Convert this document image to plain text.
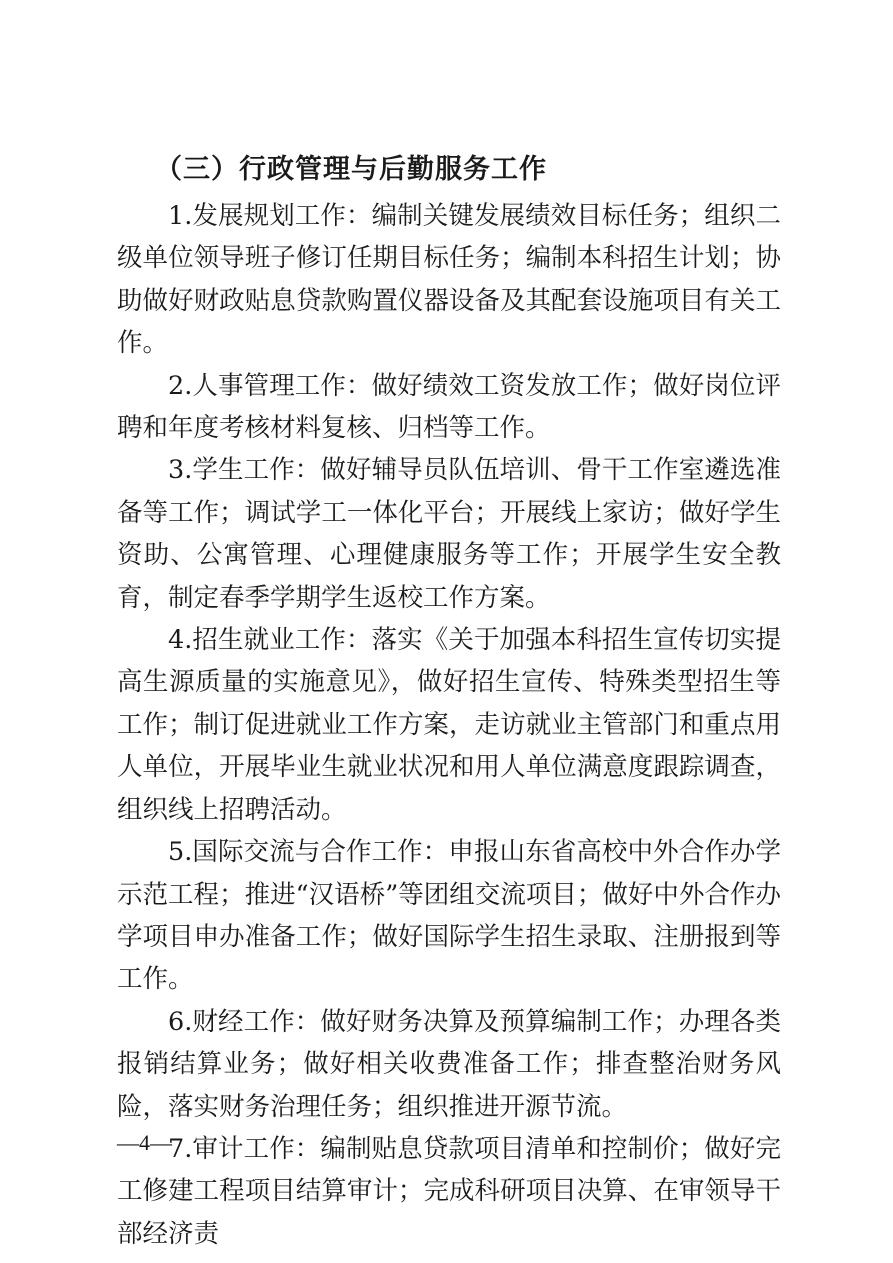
（三）行政管理与后勤服务工作

1.发展规划工作：编制关键发展绩效目标任务；组织二级单位领导班子修订任期目标任务；编制本科招生计划；协助做好财政贴息贷款购置仪器设备及其配套设施项目有关工作。

2.人事管理工作：做好绩效工资发放工作；做好岗位评聘和年度考核材料复核、归档等工作。

3.学生工作：做好辅导员队伍培训、骨干工作室遴选准备等工作；调试学工一体化平台；开展线上家访；做好学生资助、公寓管理、心理健康服务等工作；开展学生安全教育，制定春季学期学生返校工作方案。

4.招生就业工作：落实《关于加强本科招生宣传切实提高生源质量的实施意见》，做好招生宣传、特殊类型招生等工作；制订促进就业工作方案，走访就业主管部门和重点用人单位，开展毕业生就业状况和用人单位满意度跟踪调查，组织线上招聘活动。

5.国际交流与合作工作：申报山东省高校中外合作办学示范工程；推进“汉语桥”等团组交流项目；做好中外合作办学项目申办准备工作；做好国际学生招生录取、注册报到等工作。

6.财经工作：做好财务决算及预算编制工作；办理各类报销结算业务；做好相关收费准备工作；排查整治财务风险，落实财务治理任务；组织推进开源节流。

7.审计工作：编制贴息贷款项目清单和控制价；做好完工修建工程项目结算审计；完成科研项目决算、在审领导干部经济责

—4—
